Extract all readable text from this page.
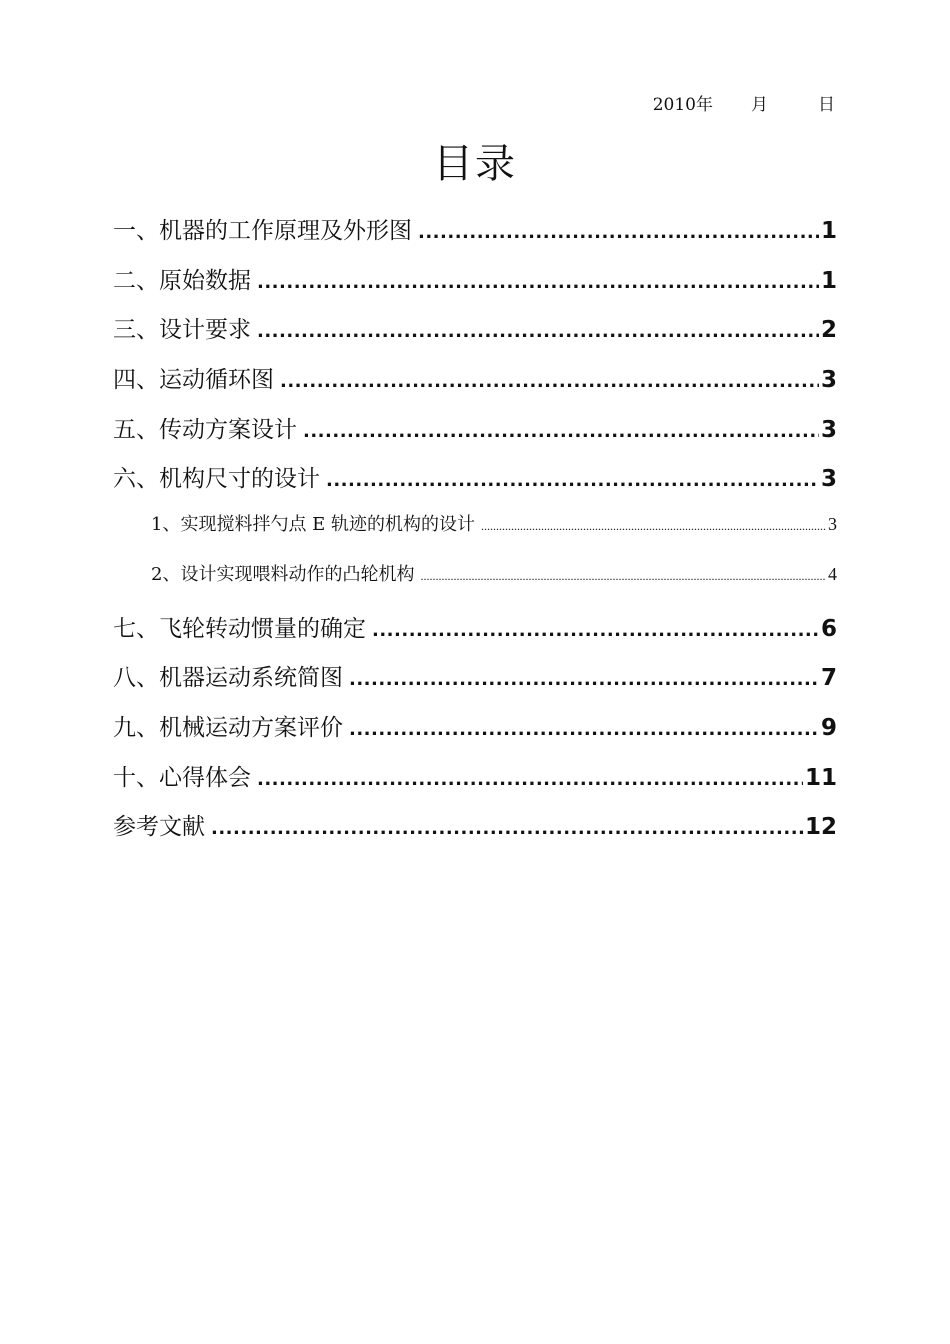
2010年 月	日
目录
一、机器的工作原理及外形图 .....	1
二、原始数据 .....	1
三、设计要求 .....	2
四、运动循环图 .....	3
五、传动方案设计 .....	3
六、机构尺寸的设计 .....	3
1、实现搅料拌勺点 E 轨迹的机构的设计 .....	3
2、设计实现喂料动作的凸轮机构 .....	4
七、飞轮转动惯量的确定 .....	6
八、机器运动系统简图 .....	7
九、机械运动方案评价 .....	9
十、心得体会 .....	11
参考文献 .....	12
